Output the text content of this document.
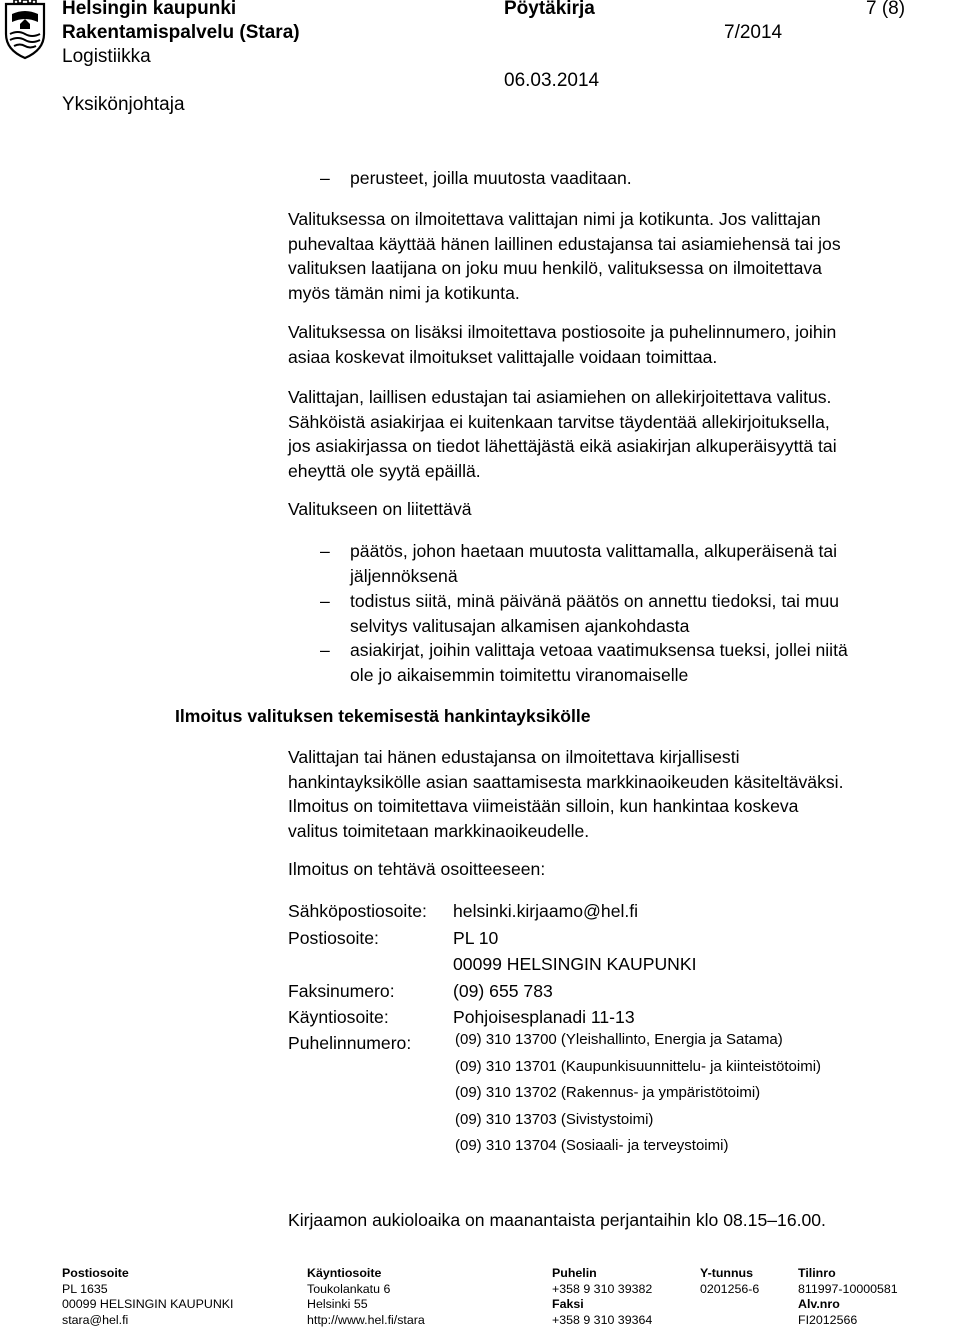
Helsingin kaupunki
Rakentamispalvelu (Stara)
Logistiikka
Yksikönjohtaja
Pöytäkirja
7/2014
06.03.2014
7 (8)
– perusteet, joilla muutosta vaaditaan.
Valituksessa on ilmoitettava valittajan nimi ja kotikunta. Jos valittajan
puhevaltaa käyttää hänen laillinen edustajansa tai asiamiehensä tai jos
valituksen laatijana on joku muu henkilö, valituksessa on ilmoitettava
myös tämän nimi ja kotikunta.
Valituksessa on lisäksi ilmoitettava postiosoite ja puhelinnumero, joihin
asiaa koskevat ilmoitukset valittajalle voidaan toimittaa.
Valittajan, laillisen edustajan tai asiamiehen on allekirjoitettava valitus.
Sähköistä asiakirjaa ei kuitenkaan tarvitse täydentää allekirjoituksella,
jos asiakirjassa on tiedot lähettäjästä eikä asiakirjan alkuperäisyyttä tai
eheyttä ole syytä epäillä.
Valitukseen on liitettävä
– päätös, johon haetaan muutosta valittamalla, alkuperäisenä tai
jäljennöksenä
– todistus siitä, minä päivänä päätös on annettu tiedoksi, tai muu
selvitys valitusajan alkamisen ajankohdasta
– asiakirjat, joihin valittaja vetoaa vaatimuksensa tueksi, jollei niitä
ole jo aikaisemmin toimitettu viranomaiselle
Ilmoitus valituksen tekemisestä hankintayksikölle
Valittajan tai hänen edustajansa on ilmoitettava kirjallisesti
hankintayksikölle asian saattamisesta markkinaoikeuden käsiteltäväksi.
Ilmoitus on toimitettava viimeistään silloin, kun hankintaa koskeva
valitus toimitetaan markkinaoikeudelle.
Ilmoitus on tehtävä osoitteeseen:
Sähköpostiosoite: helsinki.kirjaamo@hel.fi
Postiosoite:	PL 10
00099 HELSINGIN KAUPUNKI
Faksinumero:	(09) 655 783
Käyntiosoite:	Pohjoisesplanadi 11-13
Puhelinnumero:	(09) 310 13700 (Yleishallinto, Energia ja Satama)
(09) 310 13701 (Kaupunkisuunnittelu- ja kiinteistötoimi)
(09) 310 13702 (Rakennus- ja ympäristötoimi)
(09) 310 13703 (Sivistystoimi)
(09) 310 13704 (Sosiaali- ja terveystoimi)
Kirjaamon aukioloaika on maanantaista perjantaihin klo 08.15–16.00.
Postiosoite
PL 1635
00099 HELSINGIN KAUPUNKI
stara@hel.fi
Käyntiosoite
Toukolankatu 6
Helsinki 55
http://www.hel.fi/stara
Puhelin
+358 9 310 39382
Faksi
+358 9 310 39364
Y-tunnus
0201256-6
Tilinro
811997-10000581
Alv.nro
FI2012566
